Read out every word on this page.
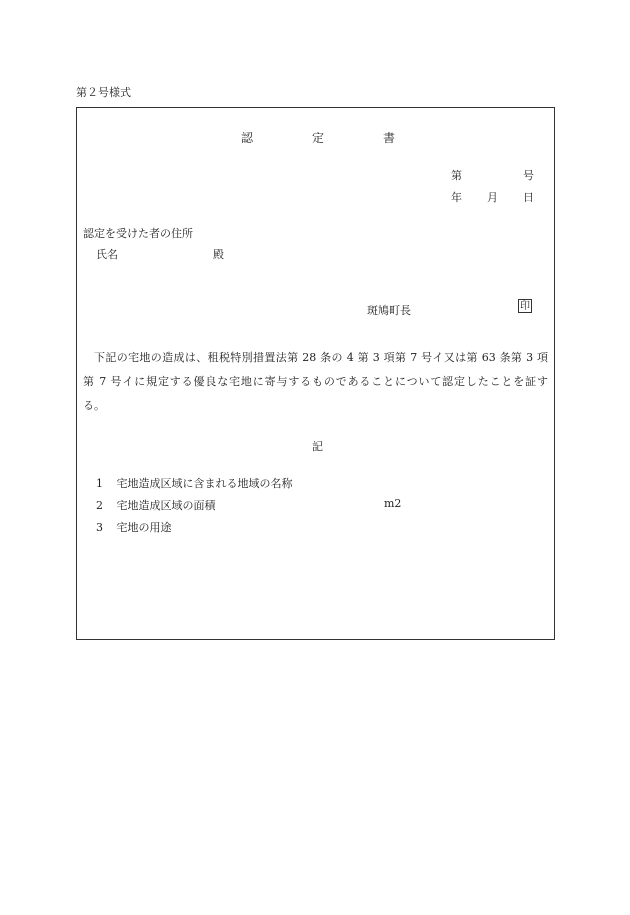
第２号様式
認	定	書
第	号
年 月 日
認定を受けた者の住所
氏名	殿
斑鳩町長	印
下記の宅地の造成は、租税特別措置法第 28 条の 4 第 3 項第 7 号イ又は第 63 条第 3 項
第 7 号イに規定する優良な宅地に寄与するものであることについて認定したことを証す
る。
記
1 宅地造成区域に含まれる地域の名称
2 宅地造成区域の面積	m2
3 宅地の用途
